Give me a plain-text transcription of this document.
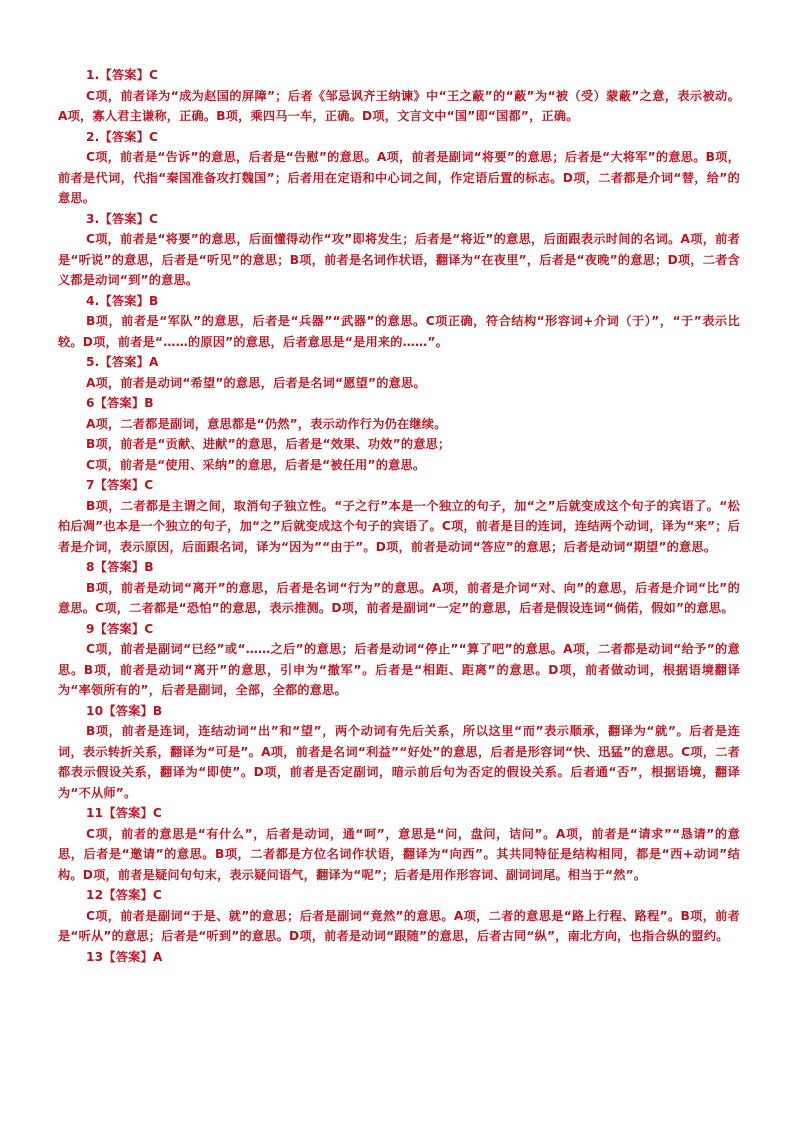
1.【答案】C
C项，前者译为“成为赵国的屏障”；后者《邹忌讽齐王纳谏》中“王之蔽”的“蔽”为“被（受）蒙蔽”之意，表示被动。A项，寡人君主谦称，正确。B项，乘四马一车，正确。D项，文言文中“国”即“国都”，正确。
2.【答案】C
C项，前者是“告诉”的意思，后者是“告慰”的意思。A项，前者是副词“将要”的意思；后者是“大将军”的意思。B项，前者是代词，代指“秦国准备攻打魏国”；后者用在定语和中心词之间，作定语后置的标志。D项，二者都是介词“替，给”的意思。
3.【答案】C
C项，前者是“将要”的意思，后面懂得动作“攻”即将发生；后者是“将近”的意思，后面跟表示时间的名词。A项，前者是“听说”的意思，后者是“听见”的意思；B项，前者是名词作状语，翻译为“在夜里”，后者是“夜晚”的意思；D项，二者含义都是动词“到”的意思。
4.【答案】B
B项，前者是“军队”的意思，后者是“兵器”“武器”的意思。C项正确，符合结构“形容词+介词（于）”，“于”表示比较。D项，前者是“……的原因”的意思，后者意思是“是用来的……”。
5.【答案】A
A项，前者是动词“希望”的意思，后者是名词“愿望”的意思。
6【答案】B
A项，二者都是副词，意思都是“仍然”，表示动作行为仍在继续。
B项，前者是“贡献、进献”的意思，后者是“效果、功效”的意思；
C项，前者是“使用、采纳”的意思，后者是“被任用”的意思。
7【答案】C
B项，二者都是主谓之间，取消句子独立性。“子之行”本是一个独立的句子，加“之”后就变成这个句子的宾语了。“松柏后凋”也本是一个独立的句子，加“之”后就变成这个句子的宾语了。C项，前者是目的连词，连结两个动词，译为“来”；后者是介词，表示原因，后面跟名词，译为“因为”“由于”。D项，前者是动词“答应”的意思；后者是动词“期望”的意思。
8【答案】B
B项，前者是动词“离开”的意思，后者是名词“行为”的意思。A项，前者是介词“对、向”的意思，后者是介词“比”的意思。C项，二者都是“恐怕”的意思，表示推测。D项，前者是副词“一定”的意思，后者是假设连词“倘偌，假如”的意思。
9【答案】C
C项，前者是副词“已经”或“……之后”的意思；后者是动词“停止”“算了吧”的意思。A项，二者都是动词“给予”的意思。B项，前者是动词“离开”的意思，引申为“撤军”。后者是“相距、距离”的意思。D项，前者做动词，根据语境翻译为“率领所有的”，后者是副词，全部，全都的意思。
10【答案】B
B项，前者是连词，连结动词“出”和“望”，两个动词有先后关系，所以这里“而”表示顺承，翻译为“就”。后者是连词，表示转折关系，翻译为“可是”。A项，前者是名词“利益”“好处”的意思，后者是形容词“快、迅猛”的意思。C项，二者都表示假设关系，翻译为“即使”。D项，前者是否定副词，暗示前后句为否定的假设关系。后者通“否”，根据语境，翻译为“不从师”。
11【答案】C
C项，前者的意思是“有什么”，后者是动词，通“呵”，意思是“问，盘问，诘问”。A项，前者是“请求”“恳请”的意思，后者是“邀请”的意思。B项，二者都是方位名词作状语，翻译为“向西”。其共同特征是结构相同，都是“西+动词”结构。D项，前者是疑问句句末，表示疑问语气，翻译为“呢”；后者是用作形容词、副词词尾。相当于“然”。
12【答案】C
C项，前者是副词“于是、就”的意思；后者是副词“竟然”的意思。A项，二者的意思是“路上行程、路程”。B项，前者是“听从”的意思；后者是“听到”的意思。D项，前者是动词“跟随”的意思，后者古同“纵”，南北方向，也指合纵的盟约。
13【答案】A
